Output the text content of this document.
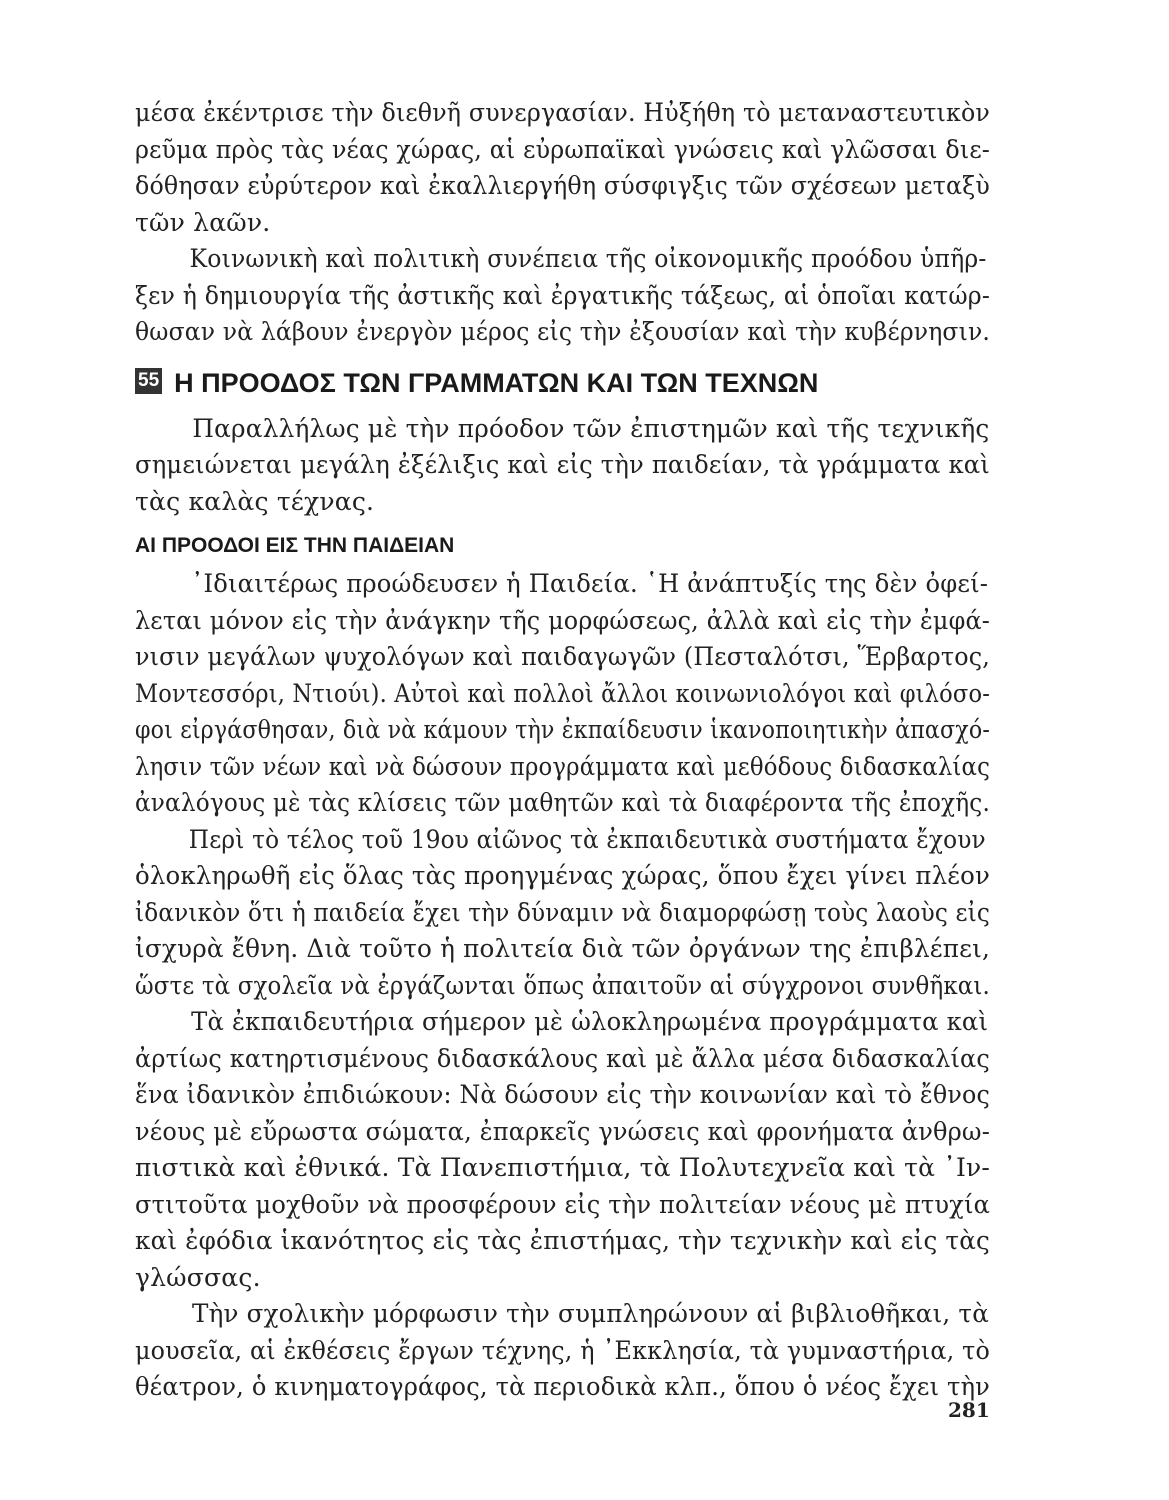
μέσα ἐκέντρισε τὴν διεθνῆ συνεργασίαν. Ηὐξήθη τὸ μεταναστευτικὸν
ρεῦμα πρὸς τὰς νέας χώρας, αἱ εὐρωπαϊκαὶ γνώσεις καὶ γλῶσσαι διε-
δόθησαν εὐρύτερον καὶ ἐκαλλιεργήθη σύσφιγξις τῶν σχέσεων μεταξὺ
τῶν λαῶν.
Κοινωνικὴ καὶ πολιτικὴ συνέπεια τῆς οἰκονομικῆς προόδου ὑπῆρ-
ξεν ἡ δημιουργία τῆς ἀστικῆς καὶ ἐργατικῆς τάξεως, αἱ ὁποῖαι κατώρ-
θωσαν νὰ λάβουν ἐνεργὸν μέρος εἰς τὴν ἐξουσίαν καὶ τὴν κυβέρνησιν.
55 Η ΠΡΟΟΔΟΣ ΤΩΝ ΓΡΑΜΜΑΤΩΝ ΚΑΙ ΤΩΝ ΤΕΧΝΩΝ
Παραλλήλως μὲ τὴν πρόοδον τῶν ἐπιστημῶν καὶ τῆς τεχνικῆς
σημειώνεται μεγάλη ἐξέλιξις καὶ εἰς τὴν παιδείαν, τὰ γράμματα καὶ
τὰς καλὰς τέχνας.
ΑΙ ΠΡΟΟΔΟΙ ΕΙΣ ΤΗΝ ΠΑΙΔΕΙΑΝ
᾿Ιδιαιτέρως προώδευσεν ἡ Παιδεία. ῾Η ἀνάπτυξίς της δὲν ὀφεί-
λεται μόνον εἰς τὴν ἀνάγκην τῆς μορφώσεως, ἀλλὰ καὶ εἰς τὴν ἐμφά-
νισιν μεγάλων ψυχολόγων καὶ παιδαγωγῶν (Πεσταλότσι, Ἕρβαρτος,
Μοντεσσόρι, Ντιούι). Αὐτοὶ καὶ πολλοὶ ἄλλοι κοινωνιολόγοι καὶ φιλόσο-
φοι εἰργάσθησαν, διὰ νὰ κάμουν τὴν ἐκπαίδευσιν ἱκανοποιητικὴν ἀπασχό-
λησιν τῶν νέων καὶ νὰ δώσουν προγράμματα καὶ μεθόδους διδασκαλίας
ἀναλόγους μὲ τὰς κλίσεις τῶν μαθητῶν καὶ τὰ διαφέροντα τῆς ἐποχῆς.
Περὶ τὸ τέλος τοῦ 19ου αἰῶνος τὰ ἐκπαιδευτικὰ συστήματα ἔχουν
ὁλοκληρωθῆ εἰς ὅλας τὰς προηγμένας χώρας, ὅπου ἔχει γίνει πλέον
ἰδανικὸν ὅτι ἡ παιδεία ἔχει τὴν δύναμιν νὰ διαμορφώσῃ τοὺς λαοὺς εἰς
ἰσχυρὰ ἔθνη. Διὰ τοῦτο ἡ πολιτεία διὰ τῶν ὀργάνων της ἐπιβλέπει,
ὥστε τὰ σχολεῖα νὰ ἐργάζωνται ὅπως ἀπαιτοῦν αἱ σύγχρονοι συνθῆκαι.
Τὰ ἐκπαιδευτήρια σήμερον μὲ ὡλοκληρωμένα προγράμματα καὶ
ἀρτίως κατηρτισμένους διδασκάλους καὶ μὲ ἄλλα μέσα διδασκαλίας
ἕνα ἰδανικὸν ἐπιδιώκουν: Νὰ δώσουν εἰς τὴν κοινωνίαν καὶ τὸ ἔθνος
νέους μὲ εὔρωστα σώματα, ἐπαρκεῖς γνώσεις καὶ φρονήματα ἀνθρω-
πιστικὰ καὶ ἐθνικά. Τὰ Πανεπιστήμια, τὰ Πολυτεχνεῖα καὶ τὰ ᾿Ιν-
στιτοῦτα μοχθοῦν νὰ προσφέρουν εἰς τὴν πολιτείαν νέους μὲ πτυχία
καὶ ἐφόδια ἱκανότητος εἰς τὰς ἐπιστήμας, τὴν τεχνικὴν καὶ εἰς τὰς
γλώσσας.
Τὴν σχολικὴν μόρφωσιν τὴν συμπληρώνουν αἱ βιβλιοθῆκαι, τὰ
μουσεῖα, αἱ ἐκθέσεις ἔργων τέχνης, ἡ ᾿Εκκλησία, τὰ γυμναστήρια, τὸ
θέατρον, ὁ κινηματογράφος, τὰ περιοδικὰ κλπ., ὅπου ὁ νέος ἔχει τὴν
281
